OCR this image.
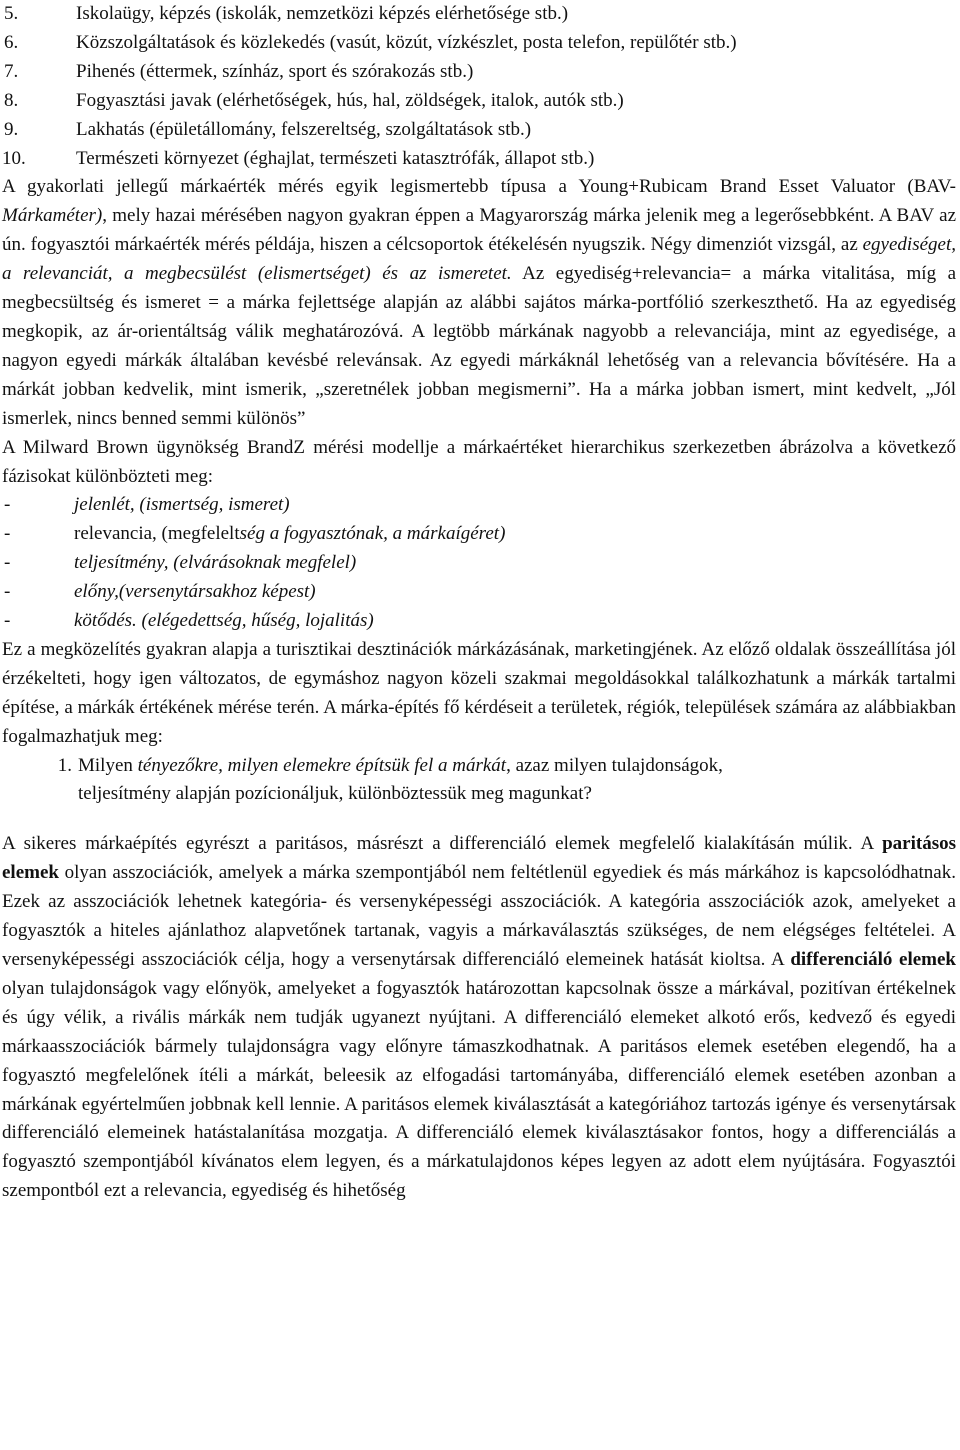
5.	Iskolaügy, képzés (iskolák, nemzetközi képzés elérhetősége stb.)
6.	Közszolgáltatások és közlekedés (vasút, közút, vízkészlet, posta telefon, repülőtér stb.)
7.	Pihenés (éttermek, színház, sport és szórakozás stb.)
8.	Fogyasztási javak (elérhetőségek, hús, hal, zöldségek, italok, autók stb.)
9.	Lakhatás (épületállomány, felszereltség, szolgáltatások stb.)
10.	Természeti környezet (éghajlat, természeti katasztrófák, állapot stb.)

A gyakorlati jellegű márkaérték mérés egyik legismertebb típusa a Young+Rubicam Brand Esset Valuator (BAV-Márkaméter), mely hazai mérésében nagyon gyakran éppen a Magyarország márka jelenik meg a legerősebbként. A BAV az ún. fogyasztói márkaérték mérés példája, hiszen a célcsoportok étékelésén nyugszik. Négy dimenziót vizsgál, az egyediséget, a relevanciát, a megbecsülést (elismertséget) és az ismeretet. Az egyediség+relevancia= a márka vitalitása, míg a megbecsültség és ismeret = a márka fejlettsége alapján az alábbi sajátos márka-portfólió szerkeszthető. Ha az egyediség megkopik, az ár-orientáltság válik meghatározóvá. A legtöbb márkának nagyobb a relevanciája, mint az egyedisége, a nagyon egyedi márkák általában kevésbé relevánsak. Az egyedi márkáknál lehetőség van a relevancia bővítésére. Ha a márkát jobban kedvelik, mint ismerik, „szeretnélek jobban megismerni”. Ha a márka jobban ismert, mint kedvelt, „Jól ismerlek, nincs benned semmi különös”

A Milward Brown ügynökség BrandZ mérési modellje a márkaértéket hierarchikus szerkezetben ábrázolva a következő fázisokat különbözteti meg:

-	jelenlét, (ismertség, ismeret)
-	relevancia, (megfeleltség a fogyasztónak, a márkaígéret)
-	teljesítmény, (elvárásoknak megfelel)
-	előny,(versenytársakhoz képest)
-	kötődés. (elégedettség, hűség, lojalitás)

Ez a megközelítés gyakran alapja a turisztikai desztinációk márkázásának, marketingjének. Az előző oldalak összeállítása jól érzékelteti, hogy igen változatos, de egymáshoz nagyon közeli szakmai megoldásokkal találkozhatunk a márkák tartalmi építése, a márkák értékének mérése terén. A márka-építés fő kérdéseit a területek, régiók, települések számára az alábbiakban fogalmazhatjuk meg:

1. Milyen tényezőkre, milyen elemekre építsük fel a márkát, azaz milyen tulajdonságok, teljesítmény alapján pozícionáljuk, különböztessük meg magunkat?

A sikeres márkaépítés egyrészt a paritásos, másrészt a differenciáló elemek megfelelő kialakításán múlik. A paritásos elemek olyan asszociációk, amelyek a márka szempontjából nem feltétlenül egyediek és más márkához is kapcsolódhatnak. Ezek az asszociációk lehetnek kategória- és versenyképességi asszociációk. A kategória asszociációk azok, amelyeket a fogyasztók a hiteles ajánlathoz alapvetőnek tartanak, vagyis a márkaválasztás szükséges, de nem elégséges feltételei. A versenyképességi asszociációk célja, hogy a versenytársak differenciáló elemeinek hatását kioltsa. A differenciáló elemek olyan tulajdonságok vagy előnyök, amelyeket a fogyasztók határozottan kapcsolnak össze a márkával, pozitívan értékelnek és úgy vélik, a rivális márkák nem tudják ugyanezt nyújtani. A differenciáló elemeket alkotó erős, kedvező és egyedi márkaasszociációk bármely tulajdonságra vagy előnyre támaszkodhatnak. A paritásos elemek esetében elegendő, ha a fogyasztó megfelelőnek ítéli a márkát, beleesik az elfogadási tartományába, differenciáló elemek esetében azonban a márkának egyértelműen jobbnak kell lennie. A paritásos elemek kiválasztását a kategóriához tartozás igénye és versenytársak differenciáló elemeinek hatástalanítása mozgatja. A differenciáló elemek kiválasztásakor fontos, hogy a differenciálás a fogyasztó szempontjából kívánatos elem legyen, és a márkatulajdonos képes legyen az adott elem nyújtására. Fogyasztói szempontból ezt a relevancia, egyediség és hihetőség
